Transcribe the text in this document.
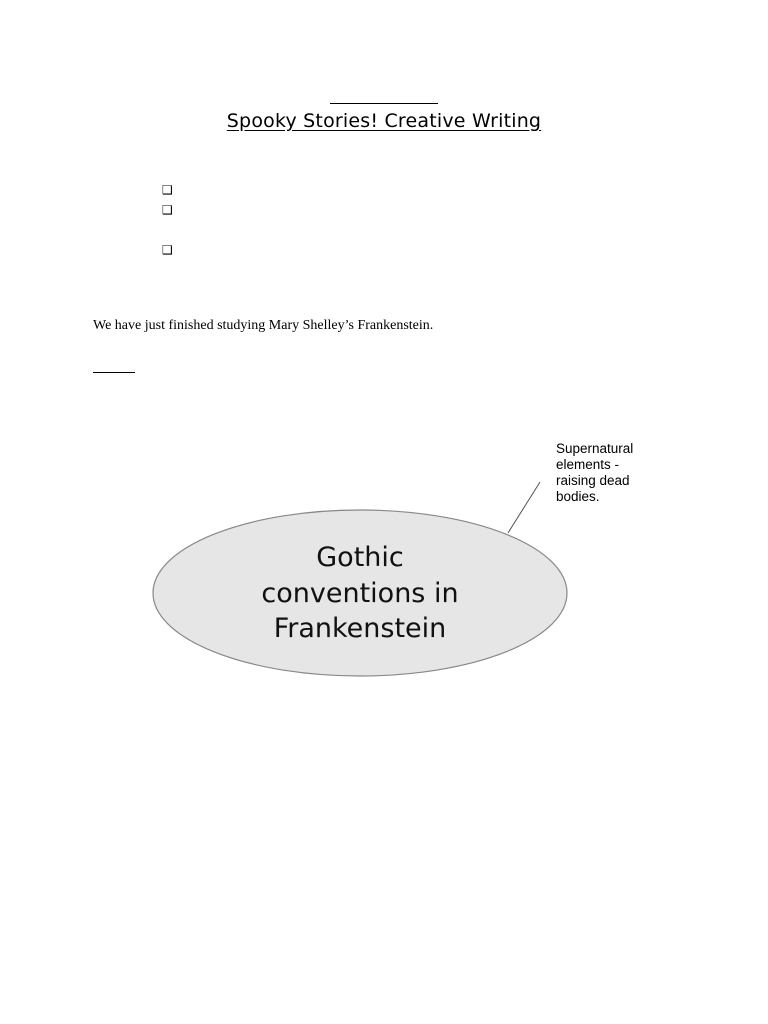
Spooky Stories! Creative Writing
❑
❑
❑
We have just finished studying Mary Shelley’s Frankenstein.
Gothic
conventions in
Frankenstein
Supernatural
elements -
raising dead
bodies.
